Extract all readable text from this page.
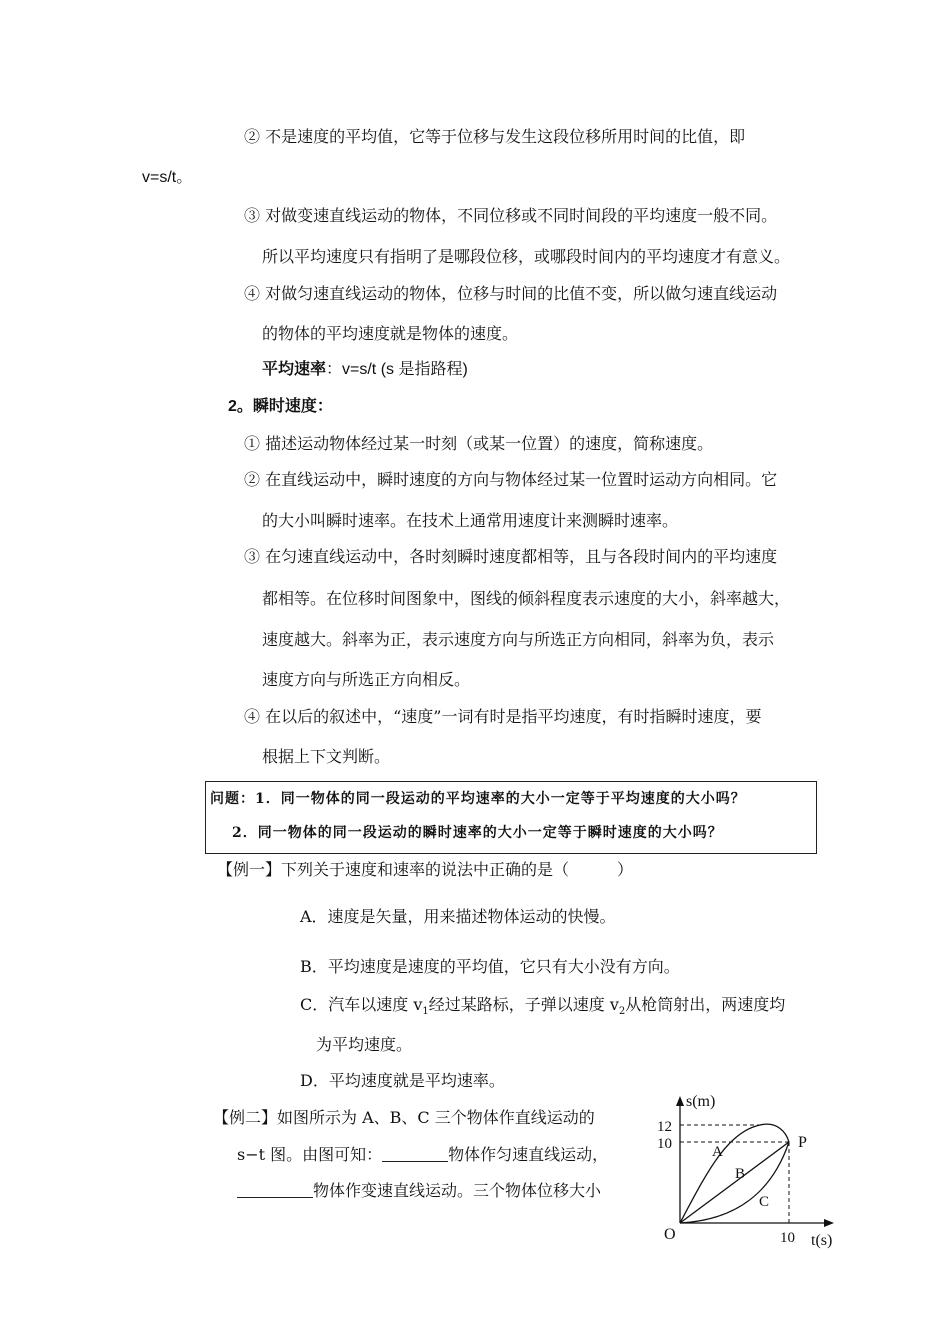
② 不是速度的平均值，它等于位移与发生这段位移所用时间的比值，即
v=s/t。
③ 对做变速直线运动的物体，不同位移或不同时间段的平均速度一般不同。
所以平均速度只有指明了是哪段位移，或哪段时间内的平均速度才有意义。
④ 对做匀速直线运动的物体，位移与时间的比值不变，所以做匀速直线运动
的物体的平均速度就是物体的速度。
平均速率：v=s/t (s 是指路程)
2。瞬时速度：
① 描述运动物体经过某一时刻（或某一位置）的速度，简称速度。
② 在直线运动中，瞬时速度的方向与物体经过某一位置时运动方向相同。它
的大小叫瞬时速率。在技术上通常用速度计来测瞬时速率。
③ 在匀速直线运动中，各时刻瞬时速度都相等，且与各段时间内的平均速度
都相等。在位移时间图象中，图线的倾斜程度表示速度的大小，斜率越大，
速度越大。斜率为正，表示速度方向与所选正方向相同，斜率为负，表示
速度方向与所选正方向相反。
④ 在以后的叙述中，“速度”一词有时是指平均速度，有时指瞬时速度，要
根据上下文判断。
问题：1．同一物体的同一段运动的平均速率的大小一定等于平均速度的大小吗？
2．同一物体的同一段运动的瞬时速率的大小一定等于瞬时速度的大小吗？
【例一】下列关于速度和速率的说法中正确的是（　　　）
A．速度是矢量，用来描述物体运动的快慢。
B．平均速度是速度的平均值，它只有大小没有方向。
C．汽车以速度 $v_1$经过某路标，子弹以速度 $v_2$从枪筒射出，两速度均
为平均速度。
D．平均速度就是平均速率。
【例二】如图所示为 A、B、C 三个物体作直线运动的
s−t 图。由图可知：	物体作匀速直线运动，
物体作变速直线运动。三个物体位移大小
s(m)
t(s)
O
12
10
10
P
A
B
C
